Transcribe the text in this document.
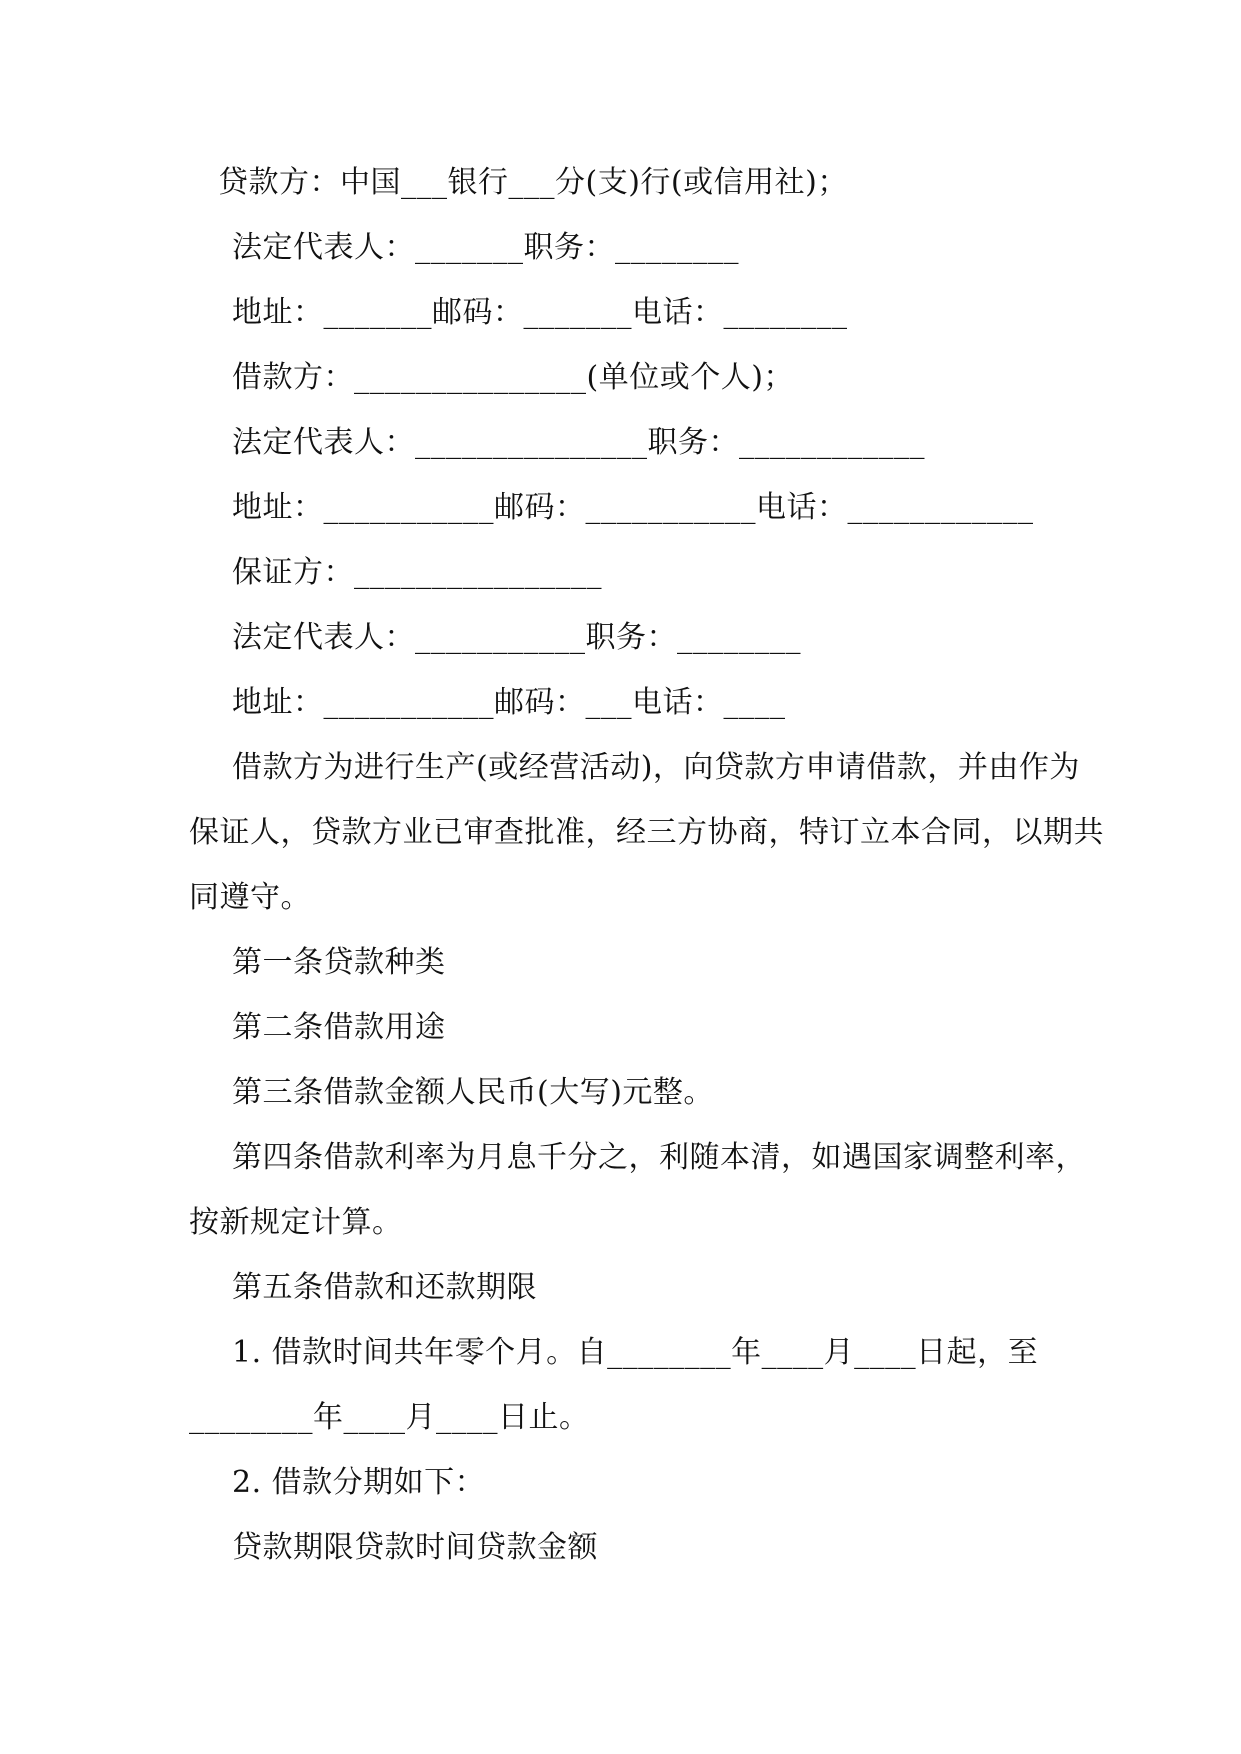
贷款方：中国___银行___分(支)行(或信用社)；
法定代表人：_______职务：________
地址：_______邮码：_______电话：________
借款方：_______________(单位或个人)；
法定代表人：_______________职务：____________
地址：___________邮码：___________电话：____________
保证方：________________
法定代表人：___________职务：________
地址：___________邮码：___电话：____
借款方为进行生产(或经营活动)，向贷款方申请借款，并由作为
保证人，贷款方业已审查批准，经三方协商，特订立本合同，以期共
同遵守。
第一条贷款种类
第二条借款用途
第三条借款金额人民币(大写)元整。
第四条借款利率为月息千分之，利随本清，如遇国家调整利率，
按新规定计算。
第五条借款和还款期限
1. 借款时间共年零个月。自________年____月____日起，至
________年____月____日止。
2. 借款分期如下：
贷款期限贷款时间贷款金额
